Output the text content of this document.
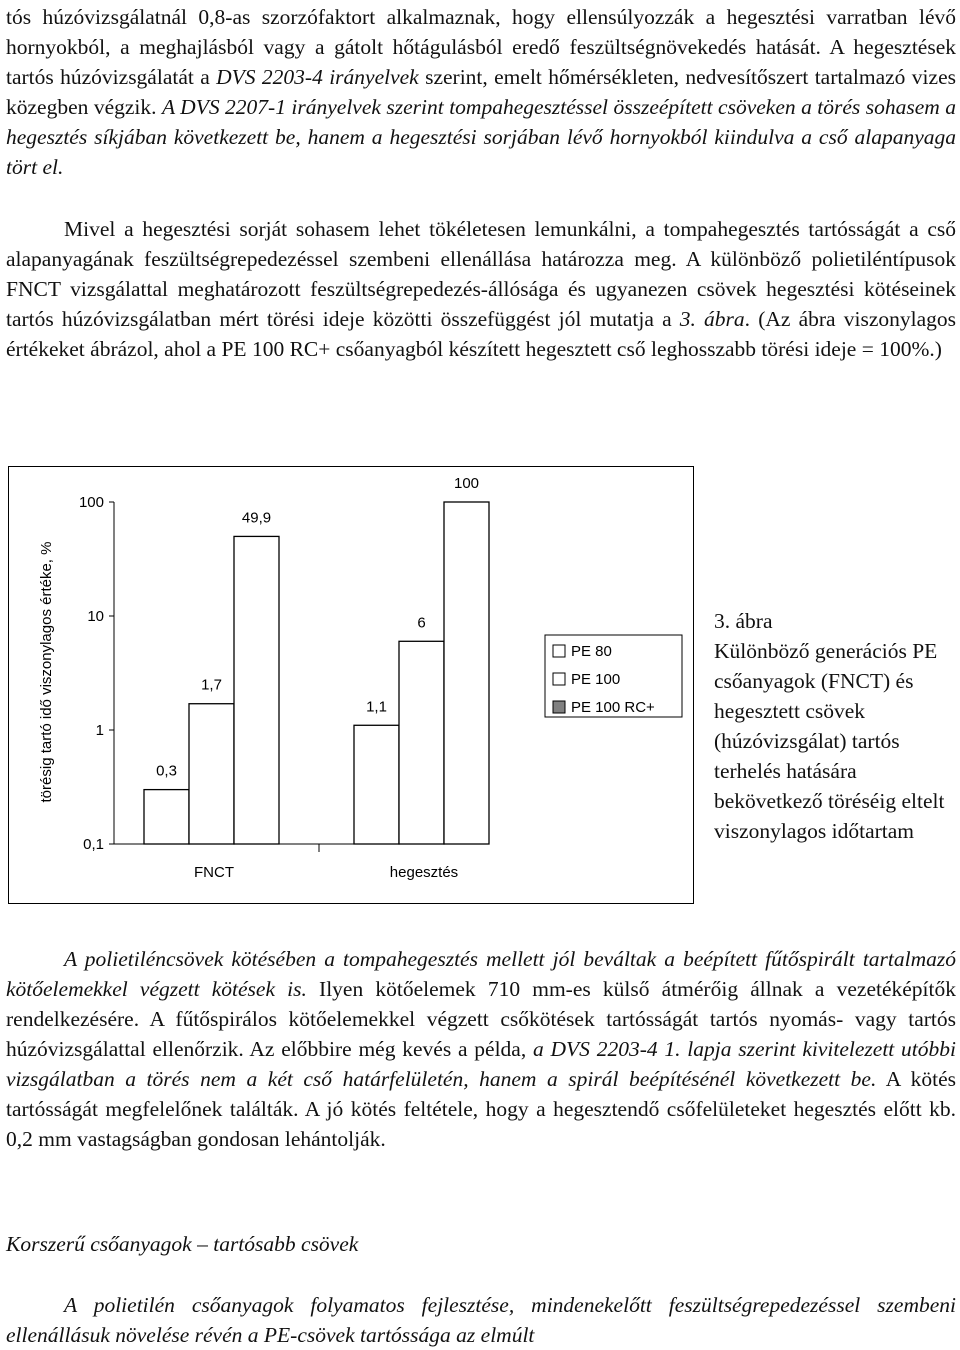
tós húzóvizsgálatnál 0,8-as szorzófaktort alkalmaznak, hogy ellensúlyozzák a hegesztési varratban lévő hornyokból, a meghajlásból vagy a gátolt hőtágulásból eredő feszültségnövekedés hatását. A hegesztések tartós húzóvizsgálatát a DVS 2203-4 irányelvek szerint, emelt hőmérsékleten, nedvesítőszert tartalmazó vizes közegben végzik. A DVS 2207-1 irányelvek szerint tompahegesztéssel összeépített csöveken a törés sohasem a hegesztés síkjában következett be, hanem a hegesztési sorjában lévő hornyokból kiindulva a cső alapanyaga tört el.

Mivel a hegesztési sorját sohasem lehet tökéletesen lemunkálni, a tompahegesztés tartósságát a cső alapanyagának feszültségrepedezéssel szembeni ellenállása határozza meg. A különböző polietiléntípusok FNCT vizsgálattal meghatározott feszültségrepedezés-állósága és ugyanezen csövek hegesztési kötéseinek tartós húzóvizsgálatban mért törési ideje közötti összefüggést jól mutatja a 3. ábra. (Az ábra viszonylagos értékeket ábrázol, ahol a PE 100 RC+ csőanyagból készített hegesztett cső leghosszabb törési ideje = 100%.)

törésig tartó idő viszonylagos értéke, %
0,1
1
10
100
FNCT
0,3
1,7
49,9
hegesztés
1,1
6
100
PE 80
PE 100
PE 100 RC+
3. ábra
Különböző generációs PE csőanyagok (FNCT) és hegesztett csövek (húzóvizsgálat) tartós terhelés hatására bekövetkező töréséig eltelt viszonylagos időtartam

A polietiléncsövek kötésében a tompahegesztés mellett jól beváltak a beépített fűtőspirált tartalmazó kötőelemekkel végzett kötések is. Ilyen kötőelemek 710 mm-es külső átmérőig állnak a vezetéképítők rendelkezésére. A fűtőspirálos kötőelemekkel végzett csőkötések tartósságát tartós nyomás- vagy tartós húzóvizsgálattal ellenőrzik. Az előbbire még kevés a példa, a DVS 2203-4 1. lapja szerint kivitelezett utóbbi vizsgálatban a törés nem a két cső határfelületén, hanem a spirál beépítésénél következett be. A kötés tartósságát megfelelőnek találták. A jó kötés feltétele, hogy a hegesztendő csőfelületeket hegesztés előtt kb. 0,2 mm vastagságban gondosan lehántolják.

Korszerű csőanyagok – tartósabb csövek

A polietilén csőanyagok folyamatos fejlesztése, mindenekelőtt feszültségrepedezéssel szembeni ellenállásuk növelése révén a PE-csövek tartóssága az elmúlt
